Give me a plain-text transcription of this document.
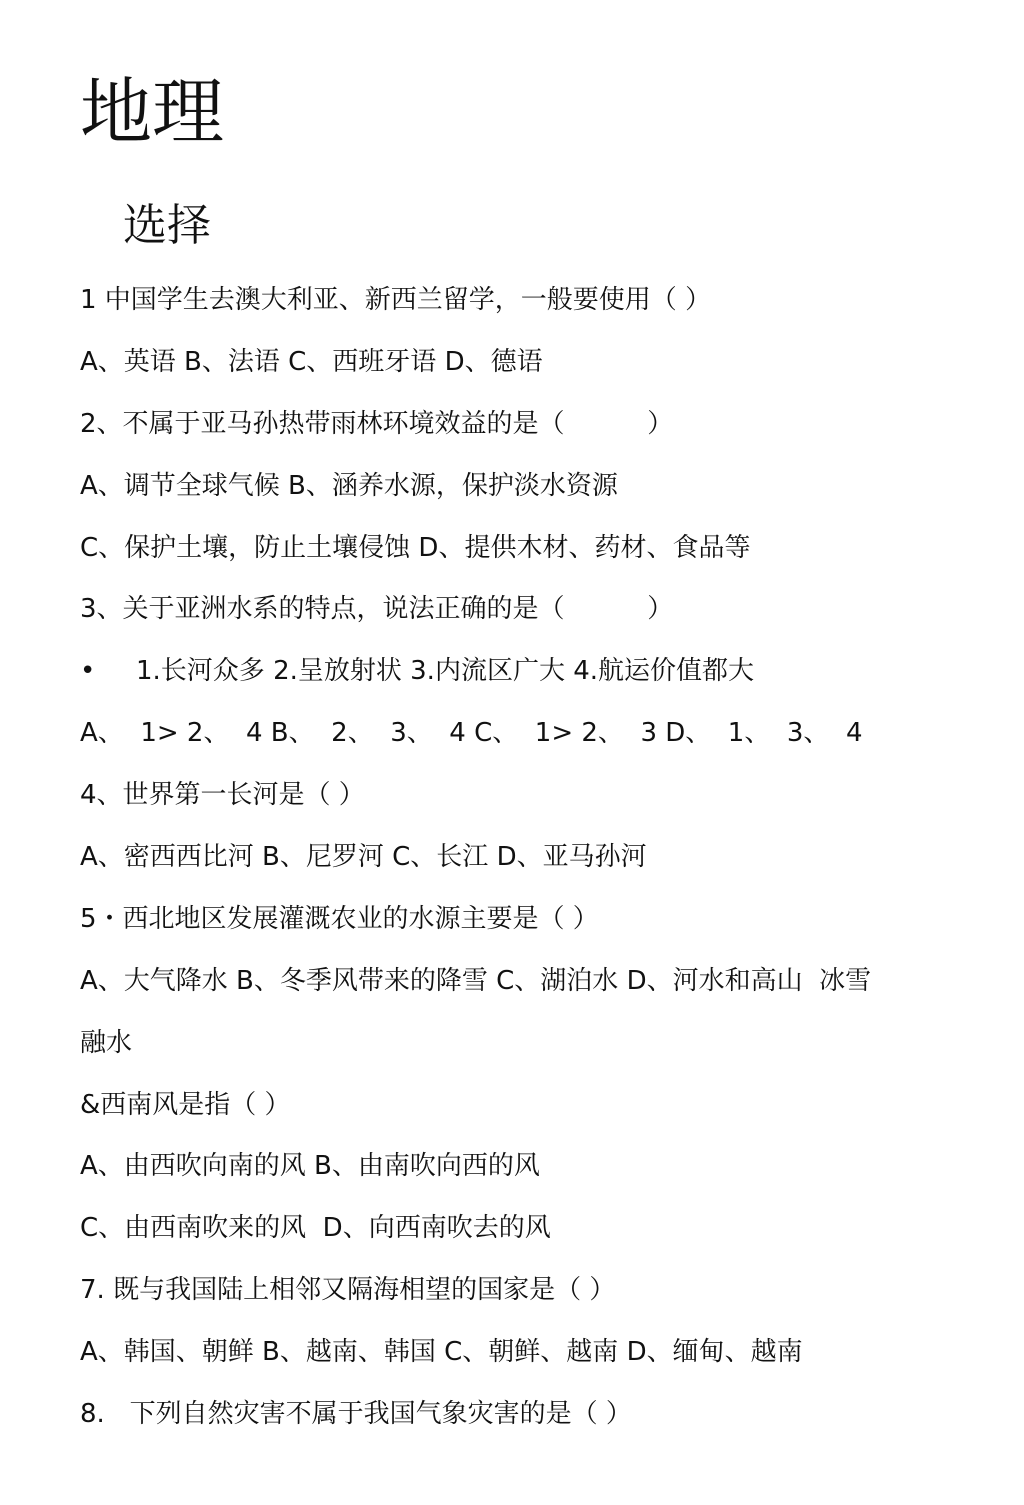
地理
选择
1 中国学生去澳大利亚、新西兰留学，一般要使用（ ）
A、英语 B、法语 C、西班牙语 D、德语
2、不属于亚马孙热带雨林环境效益的是（          ）
A、调节全球气候 B、涵养水源，保护淡水资源
C、保护土壤，防止土壤侵蚀 D、提供木材、药材、食品等
3、关于亚洲水系的特点，说法正确的是（          ）
• 1.长河众多 2.呈放射状 3.内流区广大 4.航运价值都大
A、  1> 2、  4 B、  2、  3、  4 C、  1> 2、  3 D、  1、  3、  4
4、世界第一长河是（ ）
A、密西西比河 B、尼罗河 C、长江 D、亚马孙河
5・西北地区发展灌溉农业的水源主要是（ ）
A、大气降水 B、冬季风带来的降雪 C、湖泊水 D、河水和高山  冰雪
融水
&西南风是指（ ）
A、由西吹向南的风 B、由南吹向西的风
C、由西南吹来的风  D、向西南吹去的风
7. 既与我国陆上相邻又隔海相望的国家是（ ）
A、韩国、朝鲜 B、越南、韩国 C、朝鲜、越南 D、缅甸、越南
8.   下列自然灾害不属于我国气象灾害的是（ ）
